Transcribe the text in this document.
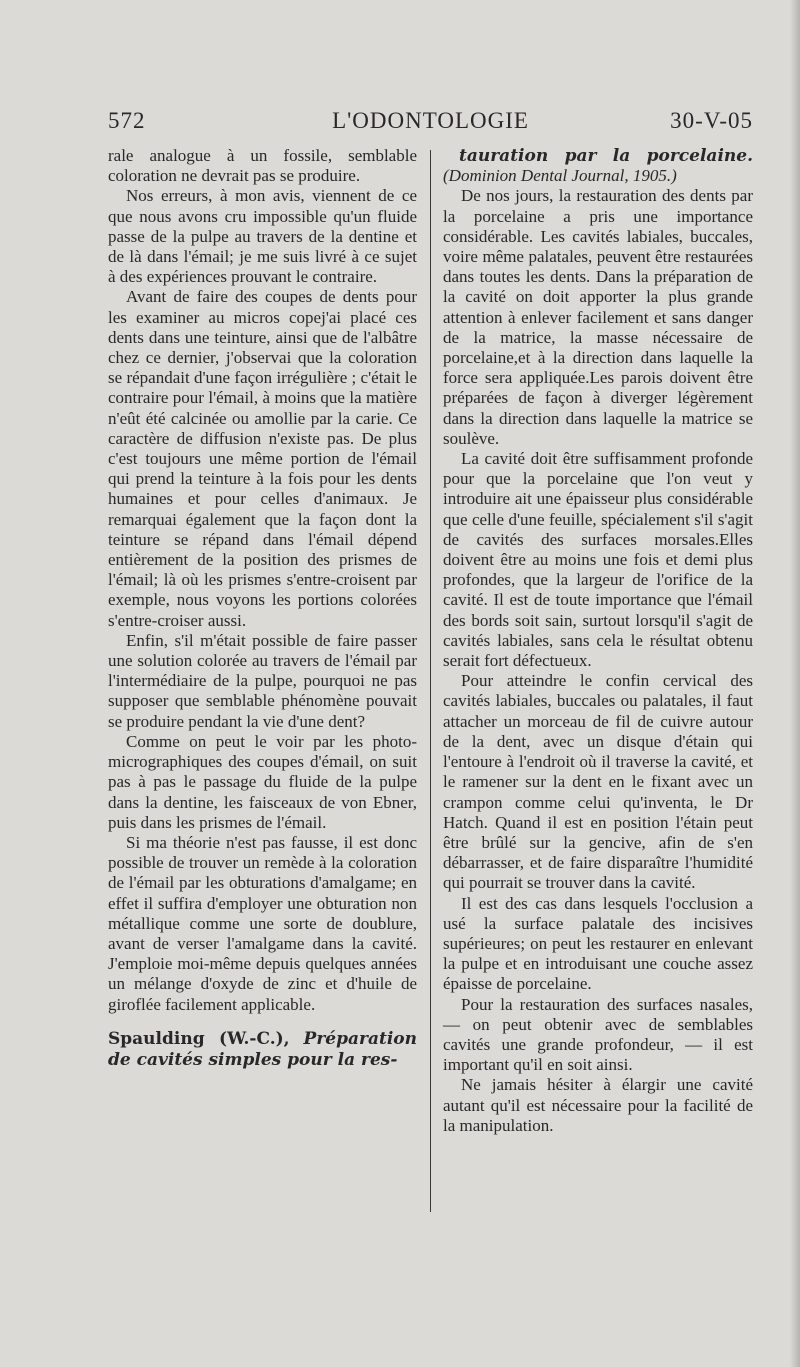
572	L'ODONTOLOGIE	30-V-05

rale analogue à un fossile, semblable coloration ne devrait pas se produire.

Nos erreurs, à mon avis, viennent de ce que nous avons cru impossible qu'un fluide passe de la pulpe au travers de la dentine et de là dans l'émail; je me suis livré à ce sujet à des expériences prouvant le contraire.

Avant de faire des coupes de dents pour les examiner au micros copej'ai placé ces dents dans une teinture, ainsi que de l'albâtre chez ce dernier, j'observai que la coloration se répandait d'une façon irrégulière ; c'était le contraire pour l'émail, à moins que la matière n'eût été calcinée ou amollie par la carie. Ce caractère de diffusion n'existe pas. De plus c'est toujours une même portion de l'émail qui prend la teinture à la fois pour les dents humaines et pour celles d'animaux. Je remarquai également que la façon dont la teinture se répand dans l'émail dépend entièrement de la position des prismes de l'émail; là où les prismes s'entre-croisent par exemple, nous voyons les portions colorées s'entre-croiser aussi.

Enfin, s'il m'était possible de faire passer une solution colorée au travers de l'émail par l'intermédiaire de la pulpe, pourquoi ne pas supposer que semblable phénomène pouvait se produire pendant la vie d'une dent?

Comme on peut le voir par les photo-micrographiques des coupes d'émail, on suit pas à pas le passage du fluide de la pulpe dans la dentine, les faisceaux de von Ebner, puis dans les prismes de l'émail.

Si ma théorie n'est pas fausse, il est donc possible de trouver un remède à la coloration de l'émail par les obturations d'amalgame; en effet il suffira d'employer une obturation non métallique comme une sorte de doublure, avant de verser l'amalgame dans la cavité. J'emploie moi-même depuis quelques années un mélange d'oxyde de zinc et d'huile de giroflée facilement applicable.

Spaulding (W.-C.), Préparation de cavités simples pour la res-

tauration par la porcelaine. (Dominion Dental Journal, 1905.)

De nos jours, la restauration des dents par la porcelaine a pris une importance considérable. Les cavités labiales, buccales, voire même palatales, peuvent être restaurées dans toutes les dents. Dans la préparation de la cavité on doit apporter la plus grande attention à enlever facilement et sans danger de la matrice, la masse nécessaire de porcelaine,et à la direction dans laquelle la force sera appliquée.Les parois doivent être préparées de façon à diverger légèrement dans la direction dans laquelle la matrice se soulève.

La cavité doit être suffisamment profonde pour que la porcelaine que l'on veut y introduire ait une épaisseur plus considérable que celle d'une feuille, spécialement s'il s'agit de cavités des surfaces morsales.Elles doivent être au moins une fois et demi plus profondes, que la largeur de l'orifice de la cavité. Il est de toute importance que l'émail des bords soit sain, surtout lorsqu'il s'agit de cavités labiales, sans cela le résultat obtenu serait fort défectueux.

Pour atteindre le confin cervical des cavités labiales, buccales ou palatales, il faut attacher un morceau de fil de cuivre autour de la dent, avec un disque d'étain qui l'entoure à l'endroit où il traverse la cavité, et le ramener sur la dent en le fixant avec un crampon comme celui qu'inventa, le Dr Hatch. Quand il est en position l'étain peut être brûlé sur la gencive, afin de s'en débarrasser, et de faire disparaître l'humidité qui pourrait se trouver dans la cavité.

Il est des cas dans lesquels l'occlusion a usé la surface palatale des incisives supérieures; on peut les restaurer en enlevant la pulpe et en introduisant une couche assez épaisse de porcelaine.

Pour la restauration des surfaces nasales, — on peut obtenir avec de semblables cavités une grande profondeur, — il est important qu'il en soit ainsi.

Ne jamais hésiter à élargir une cavité autant qu'il est nécessaire pour la facilité de la manipulation.
